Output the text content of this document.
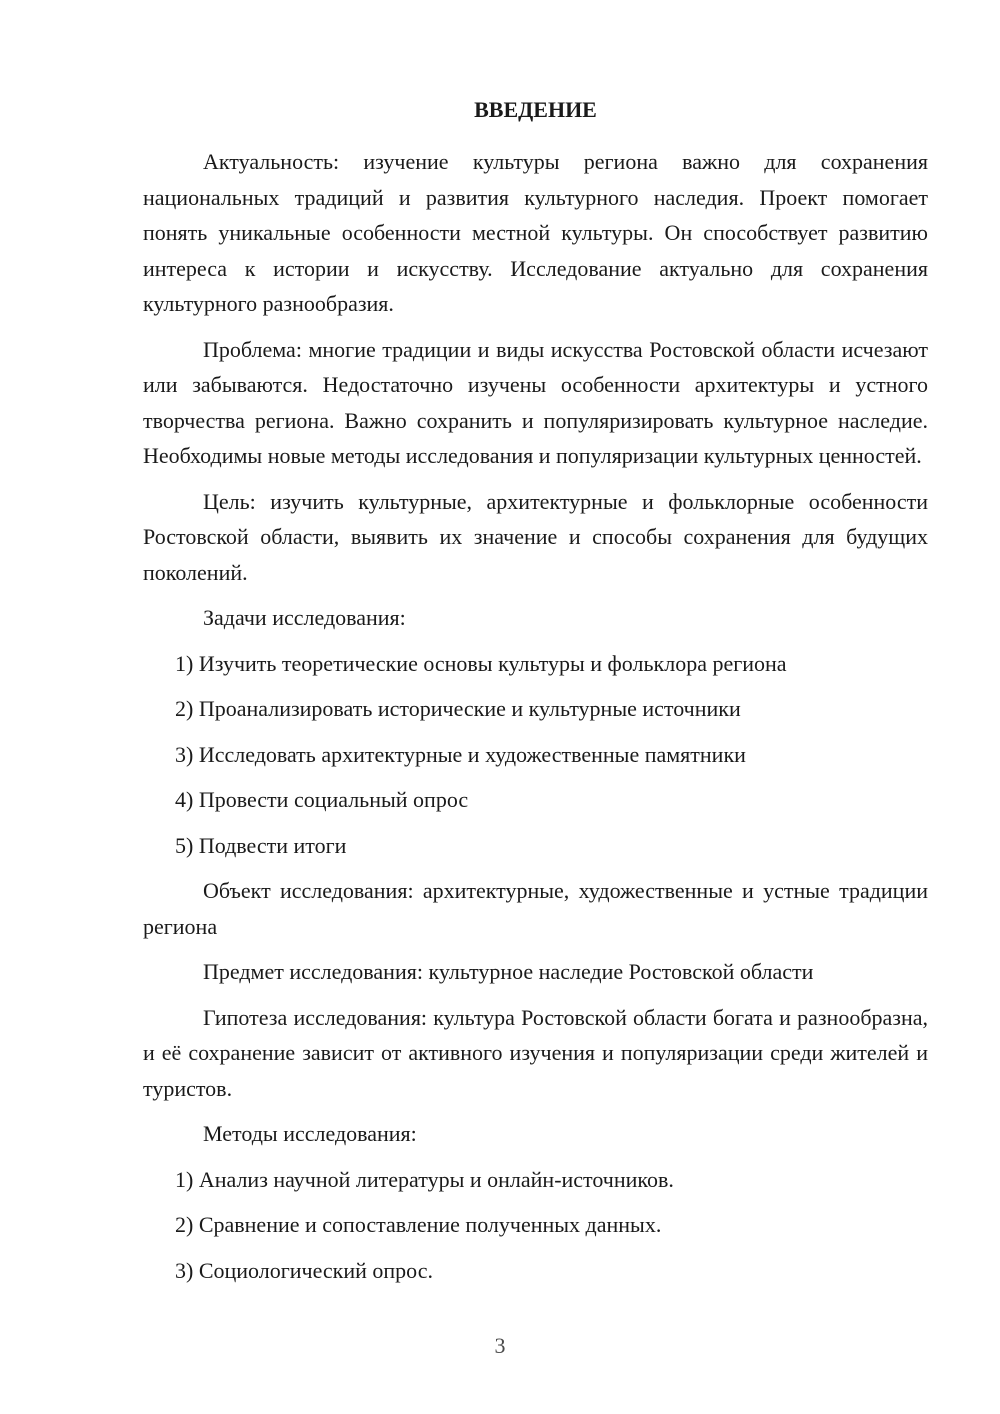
ВВЕДЕНИЕ

Актуальность: изучение культуры региона важно для сохранения национальных традиций и развития культурного наследия. Проект помогает понять уникальные особенности местной культуры. Он способствует развитию интереса к истории и искусству. Исследование актуально для сохранения культурного разнообразия.

Проблема: многие традиции и виды искусства Ростовской области исчезают или забываются. Недостаточно изучены особенности архитектуры и устного творчества региона. Важно сохранить и популяризировать культурное наследие. Необходимы новые методы исследования и популяризации культурных ценностей.

Цель: изучить культурные, архитектурные и фольклорные особенности Ростовской области, выявить их значение и способы сохранения для будущих поколений.

Задачи исследования:

1) Изучить теоретические основы культуры и фольклора региона
2) Проанализировать исторические и культурные источники
3) Исследовать архитектурные и художественные памятники
4) Провести социальный опрос
5) Подвести итоги

Объект исследования: архитектурные, художественные и устные традиции региона

Предмет исследования: культурное наследие Ростовской области

Гипотеза исследования: культура Ростовской области богата и разнообразна, и её сохранение зависит от активного изучения и популяризации среди жителей и туристов.

Методы исследования:

1) Анализ научной литературы и онлайн-источников.
2) Сравнение и сопоставление полученных данных.
3) Социологический опрос.
3
